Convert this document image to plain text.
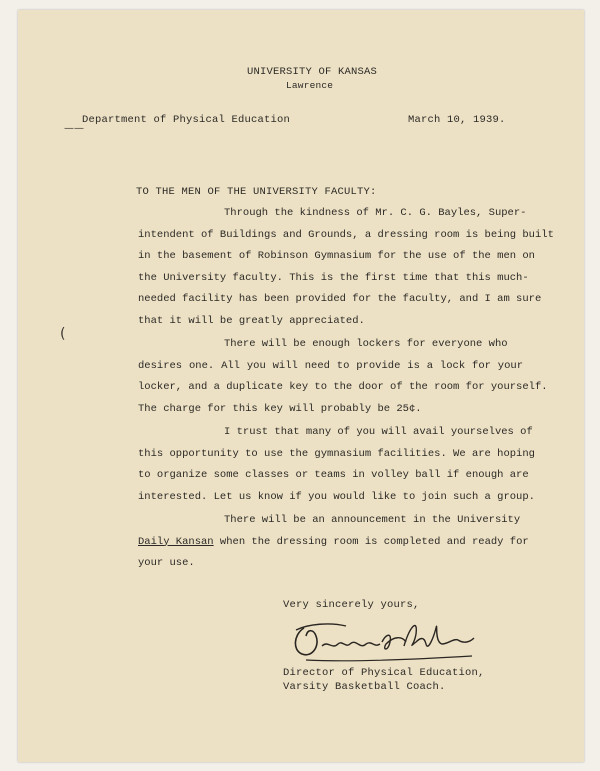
UNIVERSITY OF KANSAS
Lawrence
——
Department of Physical Education	March 10, 1939.
TO THE MEN OF THE UNIVERSITY FACULTY:
Through the kindness of Mr. C. G. Bayles, Super-
intendent of Buildings and Grounds, a dressing room is being built
in the basement of Robinson Gymnasium for the use of the men on
the University faculty. This is the first time that this much-
needed facility has been provided for the faculty, and I am sure
that it will be greatly appreciated.
(
There will be enough lockers for everyone who
desires one. All you will need to provide is a lock for your
locker, and a duplicate key to the door of the room for yourself.
The charge for this key will probably be 25¢.
I trust that many of you will avail yourselves of
this opportunity to use the gymnasium facilities. We are hoping
to organize some classes or teams in volley ball if enough are
interested. Let us know if you would like to join such a group.
There will be an announcement in the University
Daily Kansan when the dressing room is completed and ready for
your use.
Very sincerely yours,
Forrest C. Allen
Director of Physical Education,
Varsity Basketball Coach.
